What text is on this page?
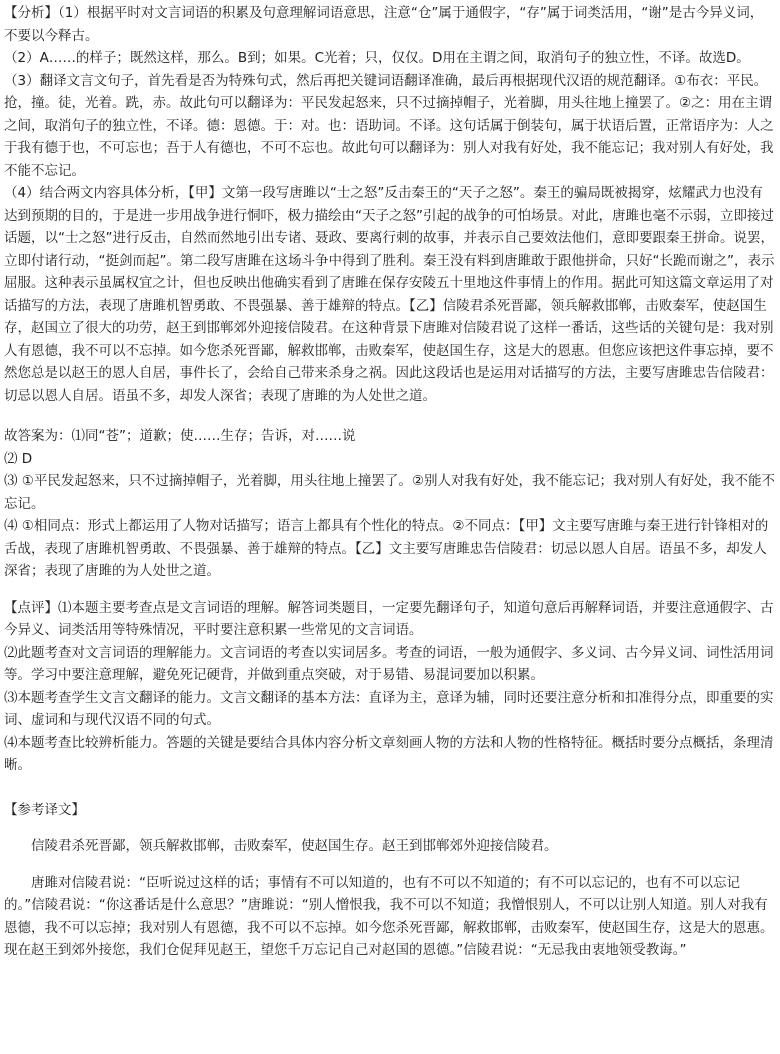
【分析】（1）根据平时对文言词语的积累及句意理解词语意思，注意“仓”属于通假字，“存”属于词类活用，“谢”是古今异义词，不要以今释古。

（2）A……的样子；既然这样，那么。B到；如果。C光着；只，仅仅。D用在主谓之间，取消句子的独立性，不译。故选D。

（3）翻译文言文句子，首先看是否为特殊句式，然后再把关键词语翻译准确，最后再根据现代汉语的规范翻译。①布衣：平民。抢，撞。徒，光着。跣，赤。故此句可以翻译为：平民发起怒来，只不过摘掉帽子，光着脚，用头往地上撞罢了。②之：用在主谓之间，取消句子的独立性，不译。德：恩德。于：对。也：语助词。不译。这句话属于倒装句，属于状语后置，正常语序为：人之于我有德于也，不可忘也；吾于人有德也，不可不忘也。故此句可以翻译为：别人对我有好处，我不能忘记；我对别人有好处，我不能不忘记。

（4）结合两文内容具体分析，【甲】文第一段写唐雎以“士之怒”反击秦王的“天子之怒”。秦王的骗局既被揭穿，炫耀武力也没有达到预期的目的，于是进一步用战争进行恫吓，极力描绘由“天子之怒”引起的战争的可怕场景。对此，唐雎也毫不示弱，立即接过话题，以“士之怒”进行反击，自然而然地引出专诸、聂政、要离行刺的故事，并表示自己要效法他们，意即要跟秦王拼命。说罢，立即付诸行动，“挺剑而起”。第二段写唐雎在这场斗争中得到了胜利。秦王没有料到唐雎敢于跟他拼命，只好“长跪而谢之”，表示屈服。这种表示虽属权宜之计，但也反映出他确实看到了唐雎在保存安陵五十里地这件事情上的作用。据此可知这篇文章运用了对话描写的方法，表现了唐雎机智勇敢、不畏强暴、善于雄辩的特点。【乙】信陵君杀死晋鄙，领兵解救邯郸，击败秦军，使赵国生存，赵国立了很大的功劳，赵王到邯郸郊外迎接信陵君。在这种背景下唐雎对信陵君说了这样一番话，这些话的关键句是：我对别人有恩德，我不可以不忘掉。如今您杀死晋鄙，解救邯郸，击败秦军，使赵国生存，这是大的恩惠。但您应该把这件事忘掉，要不然您总是以赵王的恩人自居，事件长了，会给自己带来杀身之祸。因此这段话也是运用对话描写的方法，主要写唐雎忠告信陵君：切忌以恩人自居。语虽不多，却发人深省；表现了唐雎的为人处世之道。

故答案为：⑴同“苍”；道歉；使……生存；告诉，对……说

⑵ D

⑶ ①平民发起怒来，只不过摘掉帽子，光着脚，用头往地上撞罢了。②别人对我有好处，我不能忘记；我对别人有好处，我不能不忘记。

⑷ ①相同点：形式上都运用了人物对话描写；语言上都具有个性化的特点。②不同点：【甲】文主要写唐雎与秦王进行针锋相对的舌战，表现了唐雎机智勇敢、不畏强暴、善于雄辩的特点。【乙】文主要写唐雎忠告信陵君：切忌以恩人自居。语虽不多，却发人深省；表现了唐雎的为人处世之道。

【点评】⑴本题主要考查点是文言词语的理解。解答词类题目，一定要先翻译句子，知道句意后再解释词语，并要注意通假字、古今异义、词类活用等特殊情况，平时要注意积累一些常见的文言词语。

⑵此题考查对文言词语的理解能力。文言词语的考查以实词居多。考查的词语，一般为通假字、多义词、古今异义词、词性活用词等。学习中要注意理解，避免死记硬背，并做到重点突破，对于易错、易混词要加以积累。

⑶本题考查学生文言文翻译的能力。文言文翻译的基本方法：直译为主，意译为辅，同时还要注意分析和扣准得分点，即重要的实词、虚词和与现代汉语不同的句式。

⑷本题考查比较辨析能力。答题的关键是要结合具体内容分析文章刻画人物的方法和人物的性格特征。概括时要分点概括，条理清晰。

【参考译文】

信陵君杀死晋鄙，领兵解救邯郸，击败秦军，使赵国生存。赵王到邯郸郊外迎接信陵君。

唐雎对信陵君说：“臣听说过这样的话；事情有不可以知道的，也有不可以不知道的；有不可以忘记的，也有不可以忘记的。”信陵君说：“你这番话是什么意思？”唐雎说：“别人憎恨我，我不可以不知道；我憎恨别人，不可以让别人知道。别人对我有恩德，我不可以忘掉；我对别人有恩德，我不可以不忘掉。如今您杀死晋鄙，解救邯郸，击败秦军，使赵国生存，这是大的恩惠。现在赵王到郊外接您，我们仓促拜见赵王，望您千万忘记自己对赵国的恩德。”信陵君说：“无忌我由衷地领受教诲。”
